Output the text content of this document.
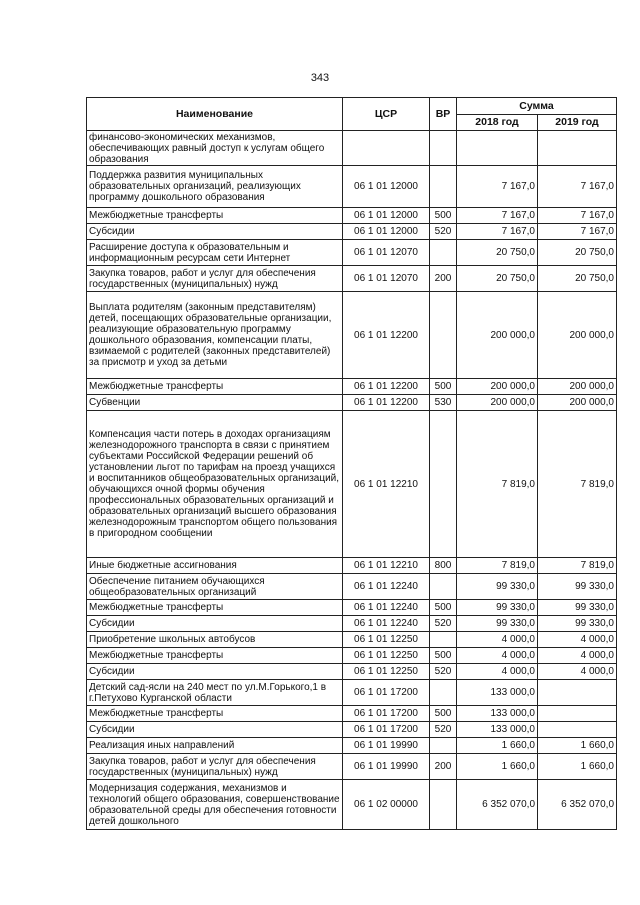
343
Наименование	ЦСР	ВР	Сумма	
			2018 год	2019 год
финансово-экономических механизмов, обеспечивающих равный доступ к услугам общего образования				
Поддержка развития муниципальных образовательных организаций, реализующих программу дошкольного образования	06 1 01 12000		7 167,0	7 167,0
Межбюджетные трансферты	06 1 01 12000	500	7 167,0	7 167,0
Субсидии	06 1 01 12000	520	7 167,0	7 167,0
Расширение доступа к образовательным и информационным ресурсам сети Интернет	06 1 01 12070		20 750,0	20 750,0
Закупка товаров, работ и услуг для обеспечения государственных (муниципальных) нужд	06 1 01 12070	200	20 750,0	20 750,0
Выплата родителям (законным представителям) детей, посещающих образовательные организации, реализующие образовательную программу дошкольного образования, компенсации платы, взимаемой с родителей (законных представителей) за присмотр и уход за детьми	06 1 01 12200		200 000,0	200 000,0
Межбюджетные трансферты	06 1 01 12200	500	200 000,0	200 000,0
Субвенции	06 1 01 12200	530	200 000,0	200 000,0
Компенсация части потерь в доходах организациям железнодорожного транспорта в связи с принятием субъектами Российской Федерации решений об установлении льгот по тарифам на проезд учащихся и воспитанников общеобразовательных организаций, обучающихся очной формы обучения профессиональных образовательных организаций и образовательных организаций высшего образования железнодорожным транспортом общего пользования в пригородном сообщении	06 1 01 12210		7 819,0	7 819,0
Иные бюджетные ассигнования	06 1 01 12210	800	7 819,0	7 819,0
Обеспечение питанием обучающихся общеобразовательных организаций	06 1 01 12240		99 330,0	99 330,0
Межбюджетные трансферты	06 1 01 12240	500	99 330,0	99 330,0
Субсидии	06 1 01 12240	520	99 330,0	99 330,0
Приобретение школьных автобусов	06 1 01 12250		4 000,0	4 000,0
Межбюджетные трансферты	06 1 01 12250	500	4 000,0	4 000,0
Субсидии	06 1 01 12250	520	4 000,0	4 000,0
Детский сад-ясли на 240 мест по ул.М.Горького,1 в г.Петухово Курганской области	06 1 01 17200		133 000,0	
Межбюджетные трансферты	06 1 01 17200	500	133 000,0	
Субсидии	06 1 01 17200	520	133 000,0	
Реализация иных направлений	06 1 01 19990		1 660,0	1 660,0
Закупка товаров, работ и услуг для обеспечения государственных (муниципальных) нужд	06 1 01 19990	200	1 660,0	1 660,0
Модернизация содержания, механизмов и технологий общего образования, совершенствование образовательной среды для обеспечения готовности детей дошкольного	06 1 02 00000		6 352 070,0	6 352 070,0
